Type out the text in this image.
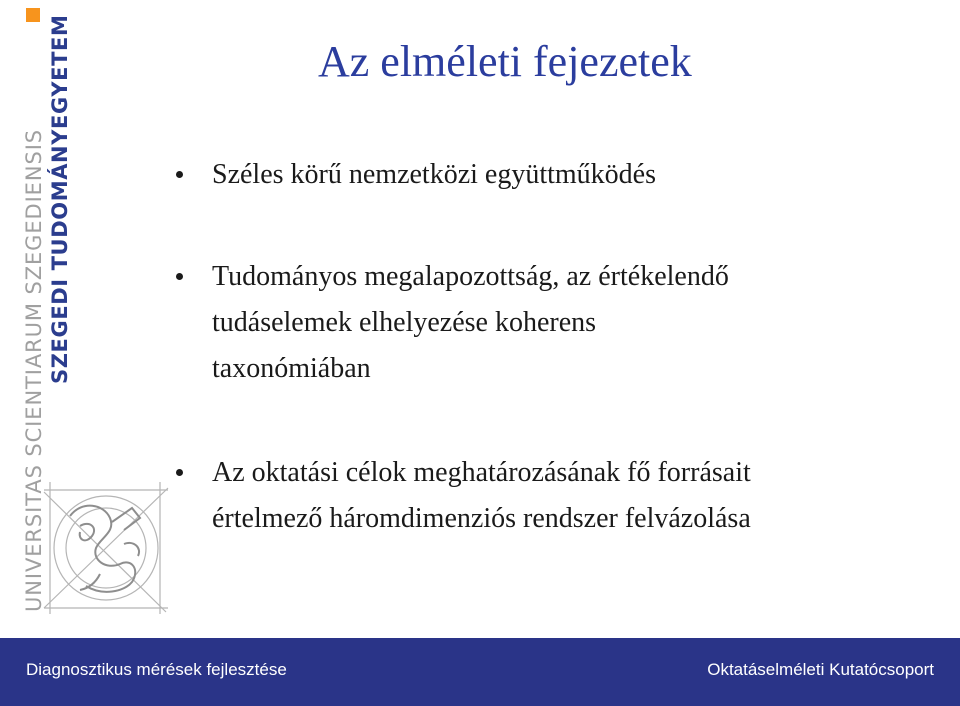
SZEGEDI TUDOMÁNYEGYETEM
UNIVERSITAS SCIENTIARUM SZEGEDIENSIS
Az elméleti fejezetek
Széles körű nemzetközi együttműködés
Tudományos megalapozottság, az értékelendő
tudáselemek elhelyezése koherens
taxonómiában
Az oktatási célok meghatározásának fő forrásait
értelmező háromdimenziós rendszer felvázolása
Diagnosztikus mérések fejlesztése	Oktatáselméleti Kutatócsoport
